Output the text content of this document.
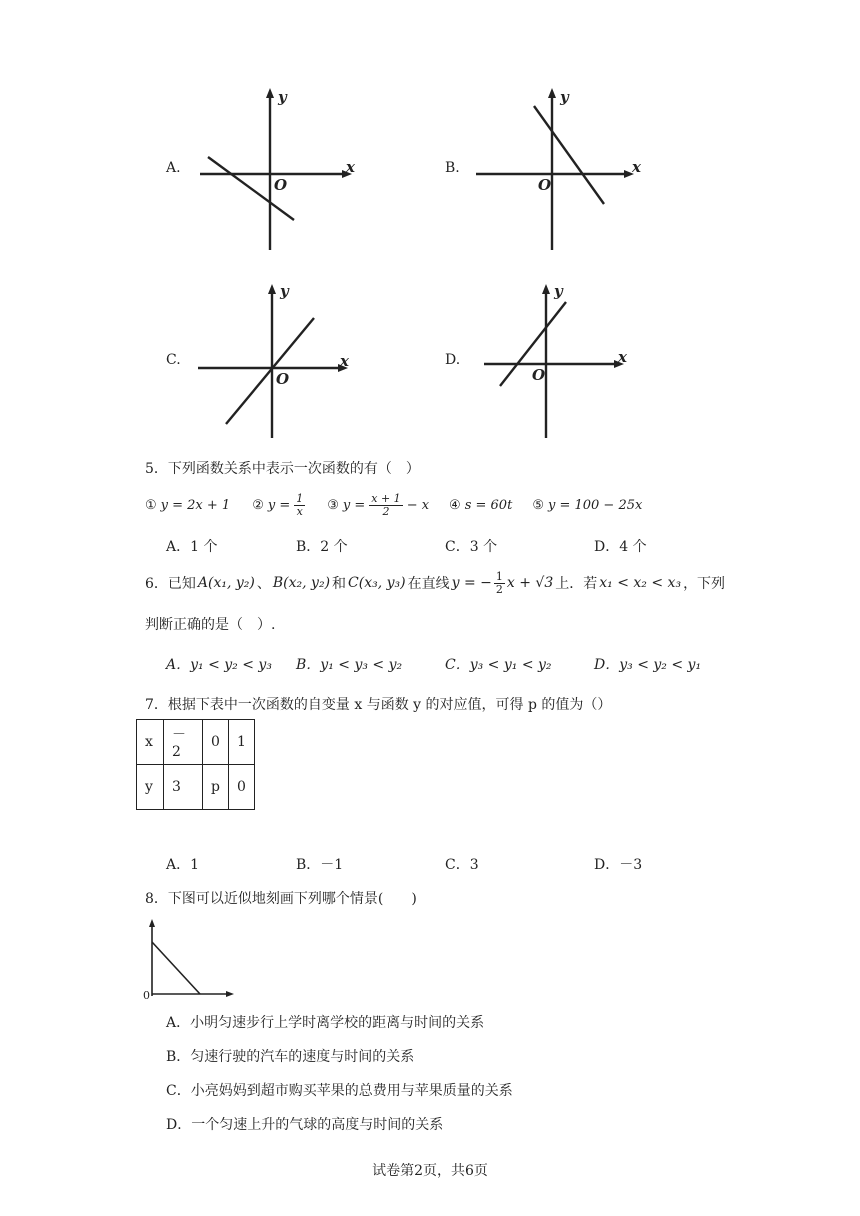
A.
y
x
O
B.
y
x
O
C.
y
x
O
D.
y
x
O
5．下列函数关系中表示一次函数的有（　）
① y = 2x + 1 ② $y = \frac{1}{x}$ ③ $y = \frac{x + 1}{2} - x$ ④ s = 60t ⑤ y = 100 − 25x
A．1 个	B．2 个	C．3 个	D．4 个
6．已知 A(x₁, y₂) 、 B(x₂, y₂) 和 C(x₃, y₃) 在直线 y = − $\frac{1}{2}$ x + √3 上．若 x₁ < x₂ < x₃ ，下列
判断正确的是（　）.
A．y₁ < y₂ < y₃ B．y₁ < y₃ < y₂	C．y₃ < y₁ < y₂	D．y₃ < y₂ < y₁
7．根据下表中一次函数的自变量 x 与函数 y 的对应值，可得 p 的值为（）
x	－2	0	1
y	3	p	0
A．1	B．－1	C．3	D．－3
8．下图可以近似地刻画下列哪个情景(　　)
0
A．小明匀速步行上学时离学校的距离与时间的关系
B．匀速行驶的汽车的速度与时间的关系
C．小亮妈妈到超市购买苹果的总费用与苹果质量的关系
D．一个匀速上升的气球的高度与时间的关系
试卷第2页，共6页
